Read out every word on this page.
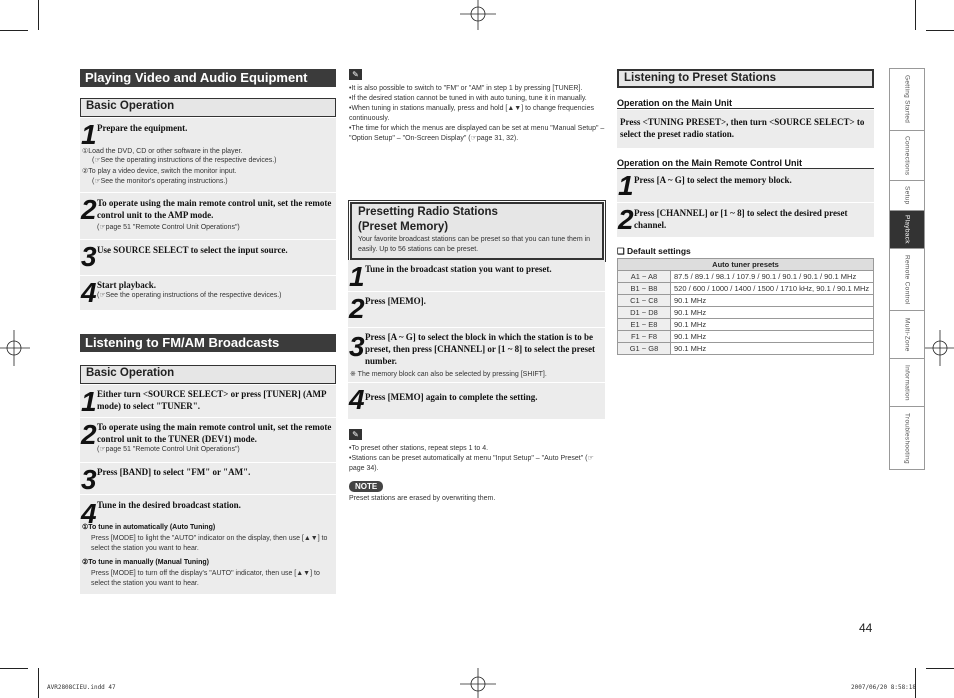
Playing Video and Audio Equipment
Basic Operation
1 Prepare the equipment.
①Load the DVD, CD or other software in the player.
(☞See the operating instructions of the respective devices.)
②To play a video device, switch the monitor input.
(☞See the monitor's operating instructions.)
2 To operate using the main remote control unit, set the remote control unit to the AMP mode.
(☞page 51 "Remote Control Unit Operations")
3 Use SOURCE SELECT to select the input source.
4 Start playback.
(☞See the operating instructions of the respective devices.)
Listening to FM/AM Broadcasts
Basic Operation
1 Either turn <SOURCE SELECT> or press [TUNER] (AMP mode) to select "TUNER".
2 To operate using the main remote control unit, set the remote control unit to the TUNER (DEV1) mode.
(☞page 51 "Remote Control Unit Operations")
3 Press [BAND] to select "FM" or "AM".
4 Tune in the desired broadcast station.
①To tune in automatically (Auto Tuning)
Press [MODE] to light the "AUTO" indicator on the display, then use [▲▼] to select the station you want to hear.
②To tune in manually (Manual Tuning)
Press [MODE] to turn off the display's "AUTO" indicator, then use [▲▼] to select the station you want to hear.
✎
•It is also possible to switch to "FM" or "AM" in step 1 by pressing [TUNER].
•If the desired station cannot be tuned in with auto tuning, tune it in manually.
•When tuning in stations manually, press and hold [▲▼] to change frequencies continuously.
•The time for which the menus are displayed can be set at menu "Manual Setup" – "Option Setup" – "On-Screen Display" (☞page 31, 32).
Presetting Radio Stations
(Preset Memory)
Your favorite broadcast stations can be preset so that you can tune them in easily. Up to 56 stations can be preset.
1 Tune in the broadcast station you want to preset.
2 Press [MEMO].
3 Press [A ~ G] to select the block in which the station is to be preset, then press [CHANNEL] or [1 ~ 8] to select the preset number.
※ The memory block can also be selected by pressing [SHIFT].
4 Press [MEMO] again to complete the setting.
✎
•To preset other stations, repeat steps 1 to 4.
•Stations can be preset automatically at menu "Input Setup" – "Auto Preset" (☞page 34).
NOTE
Preset stations are erased by overwriting them.
Listening to Preset Stations
Operation on the Main Unit
Press <TUNING PRESET>, then turn <SOURCE SELECT> to select the preset radio station.
Operation on the Main Remote Control Unit
1 Press [A ~ G] to select the memory block.
2 Press [CHANNEL] or [1 ~ 8] to select the desired preset channel.
❑ Default settings
Auto tuner presets	
A1 ~ A8	87.5 / 89.1 / 98.1 / 107.9 / 90.1 / 90.1 / 90.1 / 90.1 MHz
B1 ~ B8	520 / 600 / 1000 / 1400 / 1500 / 1710 kHz, 90.1 / 90.1 MHz
C1 ~ C8	90.1 MHz
D1 ~ D8	90.1 MHz
E1 ~ E8	90.1 MHz
F1 ~ F8	90.1 MHz
G1 ~ G8	90.1 MHz
Getting Started
Connections
Setup
Playback
Remote Control
Multi-Zone
Information
Troubleshooting
44
AVR2808CIEU.indd 47	2007/06/20 8:58:18
